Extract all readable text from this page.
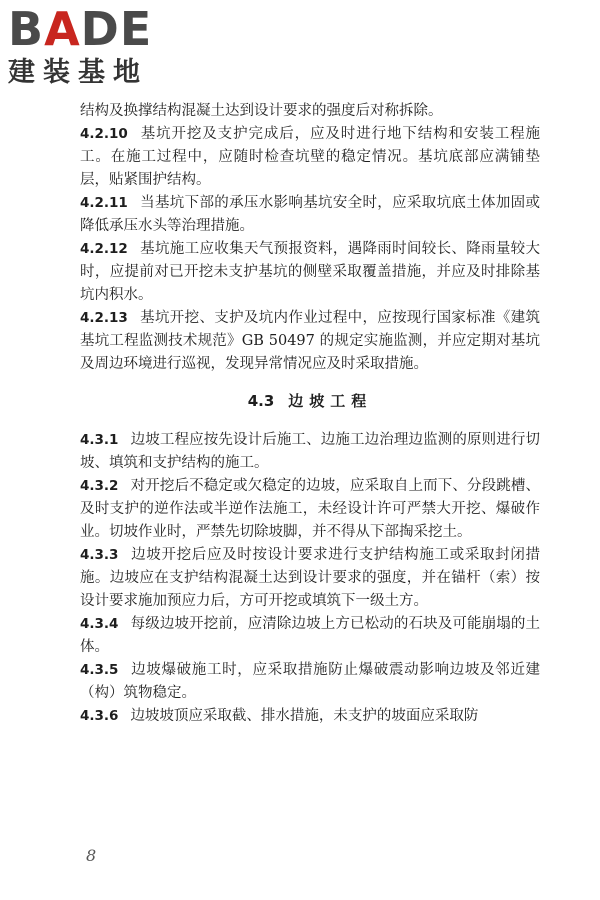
BADE
建装基地

结构及换撑结构混凝土达到设计要求的强度后对称拆除。

4.2.10 基坑开挖及支护完成后，应及时进行地下结构和安装工程施工。在施工过程中，应随时检查坑壁的稳定情况。基坑底部应满铺垫层，贴紧围护结构。

4.2.11 当基坑下部的承压水影响基坑安全时，应采取坑底土体加固或降低承压水头等治理措施。

4.2.12 基坑施工应收集天气预报资料，遇降雨时间较长、降雨量较大时，应提前对已开挖未支护基坑的侧壁采取覆盖措施，并应及时排除基坑内积水。

4.2.13 基坑开挖、支护及坑内作业过程中，应按现行国家标准《建筑基坑工程监测技术规范》GB 50497 的规定实施监测，并应定期对基坑及周边环境进行巡视，发现异常情况应及时采取措施。

4.3 边坡工程

4.3.1 边坡工程应按先设计后施工、边施工边治理边监测的原则进行切坡、填筑和支护结构的施工。

4.3.2 对开挖后不稳定或欠稳定的边坡，应采取自上而下、分段跳槽、及时支护的逆作法或半逆作法施工，未经设计许可严禁大开挖、爆破作业。切坡作业时，严禁先切除坡脚，并不得从下部掏采挖土。

4.3.3 边坡开挖后应及时按设计要求进行支护结构施工或采取封闭措施。边坡应在支护结构混凝土达到设计要求的强度，并在锚杆（索）按设计要求施加预应力后，方可开挖或填筑下一级土方。

4.3.4 每级边坡开挖前，应清除边坡上方已松动的石块及可能崩塌的土体。

4.3.5 边坡爆破施工时，应采取措施防止爆破震动影响边坡及邻近建（构）筑物稳定。

4.3.6 边坡坡顶应采取截、排水措施，未支护的坡面应采取防

8
